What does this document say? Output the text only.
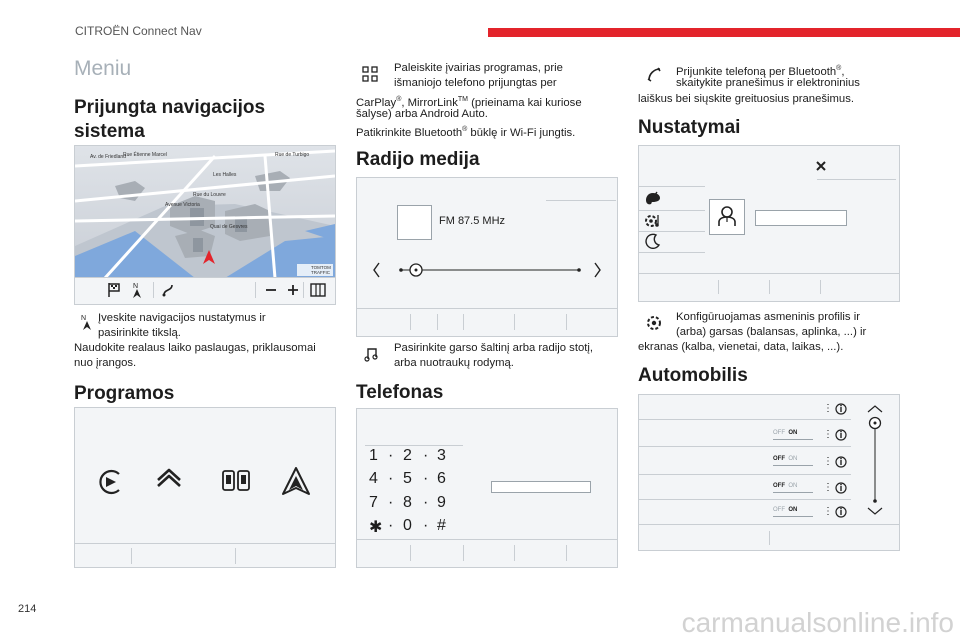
CITROËN Connect Nav
214	carmanualsonline.info
Meniu
Prijungta navigacijos
sistema
Av. de Friedland
Rue Étienne Marcel	Rue de Turbigo
Les Halles
Rue du Louvre
Avenue Victoria
Quai de Gesvres
TOMTOM
TRAFFIC
N
N Įveskite navigacijos nustatymus ir
pasirinkite tikslą.
Naudokite realaus laiko paslaugas, priklausomai
nuo įrangos.
Programos
Paleiskite įvairias programas, prie
išmaniojo telefono prijungtas per
CarPlay®, MirrorLink™ (prieinama kai kuriose
šalyse) arba Android Auto.
Patikrinkite Bluetooth® būklę ir Wi-Fi jungtis.
Radijo medija
FM 87.5 MHz
Pasirinkite garso šaltinį arba radijo stotį,
arba nuotraukų rodymą.
Telefonas
1 · 2 · 3
4 · 5 · 6
7 · 8 · 9
✱ · 0 · #
Prijunkite telefoną per Bluetooth®,
skaitykite pranešimus ir elektroninius
laiškus bei siųskite greituosius pranešimus.
Nustatymai
Konfigūruojamas asmeninis profilis ir
(arba) garsas (balansas, aplinka, ...) ir
ekranas (kalba, vienetai, data, laikas, ...).
Automobilis
⋮
OFF ON	⋮
OFF ON	⋮
OFF ON	⋮
OFF ON	⋮
